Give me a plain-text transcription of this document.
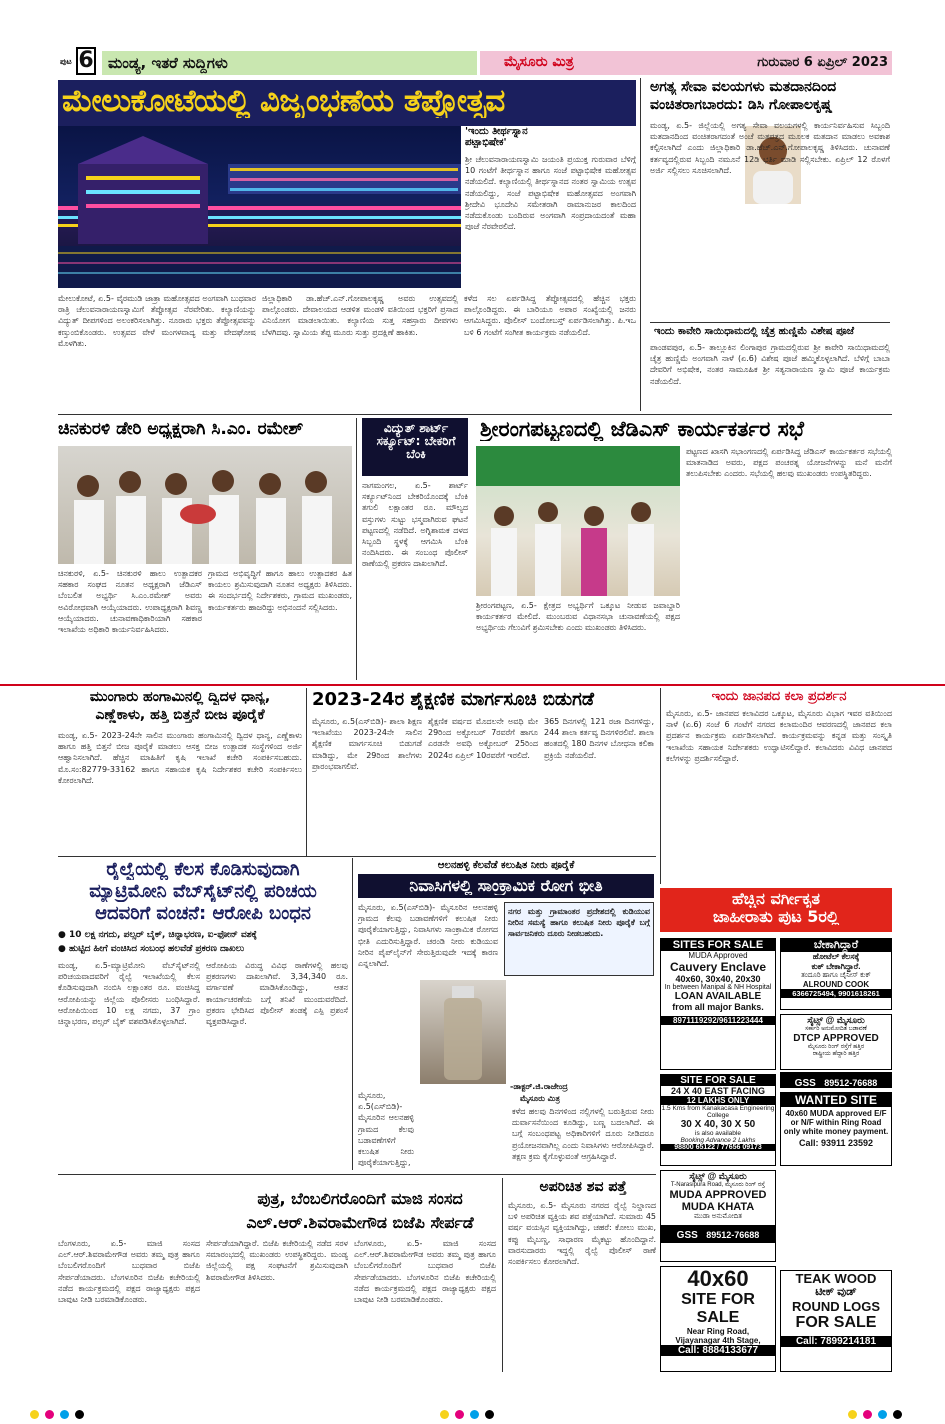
ಪುಟ 6 ಮಂಡ್ಯ, ಇತರೆ ಸುದ್ದಿಗಳು	ಮೈಸೂರು ಮಿತ್ರ	ಗುರುವಾರ 6 ಏಪ್ರಿಲ್ 2023
ಮೇಲುಕೋಟೆಯಲ್ಲಿ ವಿಜೃಂಭಣೆಯ ತೆಪ್ಪೋತ್ಸವ
'ಇಂದು ತೀರ್ಥಸ್ನಾನ ಪಟ್ಟಾಭಿಷೇಕ'
ಶ್ರೀ ಚೆಲುವನಾರಾಯಣಸ್ವಾಮಿ ಜಯಂತಿ ಪ್ರಯುಕ್ತ ಗುರುವಾರ ಬೆಳಿಗ್ಗೆ 10 ಗಂಟೆಗೆ ತೀರ್ಥಸ್ನಾನ ಹಾಗೂ ಸಂಜೆ ಪಟ್ಟಾಭಿಷೇಕ ಮಹೋತ್ಸವ ನಡೆಯಲಿದೆ. ಕಲ್ಯಾಣಿಯಲ್ಲಿ ತೀರ್ಥಸ್ನಾನದ ನಂತರ ಸ್ವಾಮಿಯ ಉತ್ಸವ ನಡೆಯಲಿದ್ದು, ಸಂಜೆ ಪಟ್ಟಾಭಿಷೇಕ ಮಹೋತ್ಸವದ ಅಂಗವಾಗಿ ಶ್ರೀದೇವಿ ಭೂದೇವಿ ಸಮೇತರಾಗಿ ರಾಮಾನುಜರ ಕಾಲದಿಂದ ನಡೆದುಕೊಂಡು ಬಂದಿರುವ ಅಂಗವಾಗಿ ಸಂಪ್ರದಾಯದಂತೆ ಮಹಾ ಪೂಜೆ ನೆರವೇರಲಿದೆ.
ಮೇಲುಕೋಟೆ, ಏ.5- ವೈರಮುಡಿ ಜಾತ್ರಾ ಮಹೋತ್ಸವದ ಅಂಗವಾಗಿ ಬುಧವಾರ ರಾತ್ರಿ ಚೆಲುವನಾರಾಯಣಸ್ವಾಮಿಗೆ ತೆಪ್ಪೋತ್ಸವ ನೆರವೇರಿತು. ಕಲ್ಯಾಣಿಯನ್ನು ವಿದ್ಯುತ್ ದೀಪಗಳಿಂದ ಅಲಂಕರಿಸಲಾಗಿತ್ತು. ನೂರಾರು ಭಕ್ತರು ತೆಪ್ಪೋತ್ಸವವನ್ನು ಕಣ್ತುಂಬಿಕೊಂಡರು. ಉತ್ಸವದ ವೇಳೆ ಮಂಗಳವಾದ್ಯ ಮತ್ತು ವೇದಘೋಷ ಮೊಳಗಿತು.
ಜಿಲ್ಲಾಧಿಕಾರಿ ಡಾ.ಹೆಚ್.ಎನ್.ಗೋಪಾಲಕೃಷ್ಣ ಅವರು ಉತ್ಸವದಲ್ಲಿ ಪಾಲ್ಗೊಂಡರು. ದೇವಾಲಯದ ಆಡಳಿತ ಮಂಡಳಿ ವತಿಯಿಂದ ಭಕ್ತರಿಗೆ ಪ್ರಸಾದ ವಿನಿಯೋಗ ಮಾಡಲಾಯಿತು. ಕಲ್ಯಾಣಿಯ ಸುತ್ತ ಸಹಸ್ರಾರು ದೀಪಗಳು ಬೆಳಗಿದವು. ಸ್ವಾಮಿಯ ತೆಪ್ಪ ಮೂರು ಸುತ್ತು ಪ್ರದಕ್ಷಿಣೆ ಹಾಕಿತು.
ಕಳೆದ ಸಲ ಏರ್ಪಡಿಸಿದ್ದ ತೆಪ್ಪೋತ್ಸವದಲ್ಲಿ ಹೆಚ್ಚಿನ ಭಕ್ತರು ಪಾಲ್ಗೊಂಡಿದ್ದರು. ಈ ಬಾರಿಯೂ ಅಪಾರ ಸಂಖ್ಯೆಯಲ್ಲಿ ಜನರು ಆಗಮಿಸಿದ್ದರು. ಪೊಲೀಸ್ ಬಂದೋಬಸ್ತ್ ಏರ್ಪಡಿಸಲಾಗಿತ್ತು. ಪಿ.ಇಒ ಬಳಿ 6 ಗಂಟೆಗೆ ಸಂಗೀತ ಕಾರ್ಯಕ್ರಮ ನಡೆಯಲಿದೆ.
ಅಗತ್ಯ ಸೇವಾ ವಲಯಗಳು ಮತದಾನದಿಂದ
ವಂಚಿತರಾಗಬಾರದು: ಡಿಸಿ ಗೋಪಾಲಕೃಷ್ಣ
ಮಂಡ್ಯ, ಏ.5- ಜಿಲ್ಲೆಯಲ್ಲಿ ಅಗತ್ಯ ಸೇವಾ ವಲಯಗಳಲ್ಲಿ ಕಾರ್ಯನಿರ್ವಹಿಸುವ ಸಿಬ್ಬಂದಿ ಮತದಾನದಿಂದ ವಂಚಿತರಾಗದಂತೆ ಅಂಚೆ ಮತಪತ್ರದ ಮೂಲಕ ಮತದಾನ ಮಾಡಲು ಅವಕಾಶ ಕಲ್ಪಿಸಲಾಗಿದೆ ಎಂದು ಜಿಲ್ಲಾಧಿಕಾರಿ ಡಾ.ಹೆಚ್.ಎನ್.ಗೋಪಾಲಕೃಷ್ಣ ತಿಳಿಸಿದರು. ಚುನಾವಣೆ ಕರ್ತವ್ಯದಲ್ಲಿರುವ ಸಿಬ್ಬಂದಿ ನಮೂನೆ 12ಡಿ ಭರ್ತಿ ಮಾಡಿ ಸಲ್ಲಿಸಬೇಕು. ಏಪ್ರಿಲ್ 12 ರೊಳಗೆ ಅರ್ಜಿ ಸಲ್ಲಿಸಲು ಸೂಚಿಸಲಾಗಿದೆ.
ಇಂದು ಕಾವೇರಿ ಸಾಯಿಧಾಮದಲ್ಲಿ ಚೈತ್ರ ಹುಣ್ಣಿಮೆ ವಿಶೇಷ ಪೂಜೆ
ಪಾಂಡವಪುರ, ಏ.5- ತಾಲ್ಲೂಕಿನ ಲಿಂಗಾಪುರ ಗ್ರಾಮದಲ್ಲಿರುವ ಶ್ರೀ ಕಾವೇರಿ ಸಾಯಿಧಾಮದಲ್ಲಿ ಚೈತ್ರ ಹುಣ್ಣಿಮೆ ಅಂಗವಾಗಿ ನಾಳೆ (ಏ.6) ವಿಶೇಷ ಪೂಜೆ ಹಮ್ಮಿಕೊಳ್ಳಲಾಗಿದೆ. ಬೆಳಿಗ್ಗೆ ಬಾಬಾ ದೇವರಿಗೆ ಅಭಿಷೇಕ, ನಂತರ ಸಾಮೂಹಿಕ ಶ್ರೀ ಸತ್ಯನಾರಾಯಣ ಸ್ವಾಮಿ ಪೂಜೆ ಕಾರ್ಯಕ್ರಮ ನಡೆಯಲಿದೆ.
ಚಿನಕುರಳಿ ಡೇರಿ ಅಧ್ಯಕ್ಷರಾಗಿ ಸಿ.ಎಂ. ರಮೇಶ್
ಚಿನಕುರಳಿ, ಏ.5- ಚಿನಕುರಳಿ ಹಾಲು ಉತ್ಪಾದಕರ ಸಹಕಾರ ಸಂಘದ ನೂತನ ಅಧ್ಯಕ್ಷರಾಗಿ ಜೆಡಿಎಸ್ ಬೆಂಬಲಿತ ಅಭ್ಯರ್ಥಿ ಸಿ.ಎಂ.ರಮೇಶ್ ಅವರು ಅವಿರೋಧವಾಗಿ ಆಯ್ಕೆಯಾದರು. ಉಪಾಧ್ಯಕ್ಷರಾಗಿ ಶಿವಣ್ಣ ಆಯ್ಕೆಯಾದರು. ಚುನಾವಣಾಧಿಕಾರಿಯಾಗಿ ಸಹಕಾರ ಇಲಾಖೆಯ ಅಧಿಕಾರಿ ಕಾರ್ಯನಿರ್ವಹಿಸಿದರು.
ಗ್ರಾಮದ ಅಭಿವೃದ್ಧಿಗೆ ಹಾಗೂ ಹಾಲು ಉತ್ಪಾದಕರ ಹಿತ ಕಾಯಲು ಶ್ರಮಿಸುವುದಾಗಿ ನೂತನ ಅಧ್ಯಕ್ಷರು ತಿಳಿಸಿದರು. ಈ ಸಂದರ್ಭದಲ್ಲಿ ನಿರ್ದೇಶಕರು, ಗ್ರಾಮದ ಮುಖಂಡರು, ಕಾರ್ಯಕರ್ತರು ಹಾಜರಿದ್ದು ಅಭಿನಂದನೆ ಸಲ್ಲಿಸಿದರು.
ವಿದ್ಯುತ್ ಶಾರ್ಟ್ ಸರ್ಕ್ಯೂಟ್: ಬೇಕರಿಗೆ ಬೆಂಕಿ
ನಾಗಮಂಗಲ, ಏ.5- ಶಾರ್ಟ್ ಸರ್ಕ್ಯೂಟ್‌ನಿಂದ ಬೇಕರಿಯೊಂದಕ್ಕೆ ಬೆಂಕಿ ತಗುಲಿ ಲಕ್ಷಾಂತರ ರೂ. ಮೌಲ್ಯದ ವಸ್ತುಗಳು ಸುಟ್ಟು ಭಸ್ಮವಾಗಿರುವ ಘಟನೆ ಪಟ್ಟಣದಲ್ಲಿ ನಡೆದಿದೆ. ಅಗ್ನಿಶಾಮಕ ದಳದ ಸಿಬ್ಬಂದಿ ಸ್ಥಳಕ್ಕೆ ಆಗಮಿಸಿ ಬೆಂಕಿ ನಂದಿಸಿದರು. ಈ ಸಂಬಂಧ ಪೊಲೀಸ್ ಠಾಣೆಯಲ್ಲಿ ಪ್ರಕರಣ ದಾಖಲಾಗಿದೆ.
ಶ್ರೀರಂಗಪಟ್ಟಣದಲ್ಲಿ ಜೆಡಿಎಸ್ ಕಾರ್ಯಕರ್ತರ ಸಭೆ
ಶ್ರೀರಂಗಪಟ್ಟಣ, ಏ.5- ಕ್ಷೇತ್ರದ ಅಭ್ಯರ್ಥಿಗೆ ಒಕ್ಕೂಟ ನೀಡುವ ಜವಾಬ್ದಾರಿ ಕಾರ್ಯಕರ್ತರ ಮೇಲಿದೆ. ಮುಂಬರುವ ವಿಧಾನಸಭಾ ಚುನಾವಣೆಯಲ್ಲಿ ಪಕ್ಷದ ಅಭ್ಯರ್ಥಿಯ ಗೆಲುವಿಗೆ ಶ್ರಮಿಸಬೇಕು ಎಂದು ಮುಖಂಡರು ತಿಳಿಸಿದರು.
ಪಟ್ಟಣದ ಖಾಸಗಿ ಸಭಾಂಗಣದಲ್ಲಿ ಏರ್ಪಡಿಸಿದ್ದ ಜೆಡಿಎಸ್ ಕಾರ್ಯಕರ್ತರ ಸಭೆಯಲ್ಲಿ ಮಾತನಾಡಿದ ಅವರು, ಪಕ್ಷದ ಪಂಚರತ್ನ ಯೋಜನೆಗಳನ್ನು ಮನೆ ಮನೆಗೆ ತಲುಪಿಸಬೇಕು ಎಂದರು. ಸಭೆಯಲ್ಲಿ ಹಲವು ಮುಖಂಡರು ಉಪಸ್ಥಿತರಿದ್ದರು.
ಮುಂಗಾರು ಹಂಗಾಮಿನಲ್ಲಿ ದ್ವಿದಳ ಧಾನ್ಯ,
ಎಣ್ಣೆಕಾಳು, ಹತ್ತಿ ಬಿತ್ತನೆ ಬೀಜ ಪೂರೈಕೆ
ಮಂಡ್ಯ, ಏ.5- 2023-24ನೇ ಸಾಲಿನ ಮುಂಗಾರು ಹಂಗಾಮಿನಲ್ಲಿ ದ್ವಿದಳ ಧಾನ್ಯ, ಎಣ್ಣೆಕಾಳು ಹಾಗೂ ಹತ್ತಿ ಬಿತ್ತನೆ ಬೀಜ ಪೂರೈಕೆ ಮಾಡಲು ಆಸಕ್ತ ಬೀಜ ಉತ್ಪಾದಕ ಸಂಸ್ಥೆಗಳಿಂದ ಅರ್ಜಿ ಆಹ್ವಾನಿಸಲಾಗಿದೆ. ಹೆಚ್ಚಿನ ಮಾಹಿತಿಗೆ ಕೃಷಿ ಇಲಾಖೆ ಕಚೇರಿ ಸಂಪರ್ಕಿಸಬಹುದು. ಮೊ.ಸಂ:82779-33162 ಹಾಗೂ ಸಹಾಯಕ ಕೃಷಿ ನಿರ್ದೇಶಕರ ಕಚೇರಿ ಸಂಪರ್ಕಿಸಲು ಕೋರಲಾಗಿದೆ.
2023-24ರ ಶೈಕ್ಷಣಿಕ ಮಾರ್ಗಸೂಚಿ ಬಿಡುಗಡೆ
ಮೈಸೂರು, ಏ.5(ಎಸ್‌ಬಿಡಿ)- ಶಾಲಾ ಶಿಕ್ಷಣ ಇಲಾಖೆಯು 2023-24ನೇ ಸಾಲಿನ ಶೈಕ್ಷಣಿಕ ಮಾರ್ಗಸೂಚಿ ಬಿಡುಗಡೆ ಮಾಡಿದ್ದು, ಮೇ 29ರಿಂದ ಶಾಲೆಗಳು ಪ್ರಾರಂಭವಾಗಲಿವೆ.
ಶೈಕ್ಷಣಿಕ ವರ್ಷದ ಮೊದಲನೇ ಅವಧಿ ಮೇ 29ರಿಂದ ಅಕ್ಟೋಬರ್ 7ರವರೆಗೆ ಹಾಗೂ ಎರಡನೇ ಅವಧಿ ಅಕ್ಟೋಬರ್ 25ರಿಂದ 2024ರ ಏಪ್ರಿಲ್ 10ರವರೆಗೆ ಇರಲಿದೆ.
365 ದಿನಗಳಲ್ಲಿ 121 ರಜಾ ದಿನಗಳಿದ್ದು, 244 ಶಾಲಾ ಕರ್ತವ್ಯ ದಿನಗಳಿರಲಿವೆ. ಶಾಲಾ ಹಂತದಲ್ಲಿ 180 ದಿನಗಳ ಬೋಧನಾ ಕಲಿಕಾ ಪ್ರಕ್ರಿಯೆ ನಡೆಯಲಿದೆ.
ಇಂದು ಜಾನಪದ ಕಲಾ ಪ್ರದರ್ಶನ
ಮೈಸೂರು, ಏ.5- ಜಾನಪದ ಕಲಾವಿದರ ಒಕ್ಕೂಟ, ಮೈಸೂರು ವಿಭಾಗ ಇವರ ವತಿಯಿಂದ ನಾಳೆ (ಏ.6) ಸಂಜೆ 6 ಗಂಟೆಗೆ ನಗರದ ಕಲಾಮಂದಿರ ಆವರಣದಲ್ಲಿ ಜಾನಪದ ಕಲಾ ಪ್ರದರ್ಶನ ಕಾರ್ಯಕ್ರಮ ಏರ್ಪಡಿಸಲಾಗಿದೆ. ಕಾರ್ಯಕ್ರಮವನ್ನು ಕನ್ನಡ ಮತ್ತು ಸಂಸ್ಕೃತಿ ಇಲಾಖೆಯ ಸಹಾಯಕ ನಿರ್ದೇಶಕರು ಉದ್ಘಾಟಿಸಲಿದ್ದಾರೆ. ಕಲಾವಿದರು ವಿವಿಧ ಜಾನಪದ ಕಲೆಗಳನ್ನು ಪ್ರದರ್ಶಿಸಲಿದ್ದಾರೆ.
ರೈಲ್ವೆಯಲ್ಲಿ ಕೆಲಸ ಕೊಡಿಸುವುದಾಗಿ
ಮ್ಯಾಟ್ರಿಮೋನಿ ವೆಬ್‌ಸೈಟ್‌ನಲ್ಲಿ ಪರಿಚಯ
ಆದವರಿಗೆ ವಂಚನೆ: ಆರೋಪಿ ಬಂಧನ
● 10 ಲಕ್ಷ ನಗದು, ಪಲ್ಸರ್ ಬೈಕ್, ಚಿನ್ನಾಭರಣ, ಐ-ಫೋನ್ ವಶಕ್ಕೆ
● ಹುಟ್ಟಿದ ಹೀಗೆ ವಂಚಿಸಿದ ಸಂಬಂಧ ಹಲವೆಡೆ ಪ್ರಕರಣ ದಾಖಲು
ಮಂಡ್ಯ, ಏ.5-ಮ್ಯಾಟ್ರಿಮೋನಿ ವೆಬ್‌ಸೈಟ್‌ನಲ್ಲಿ ಪರಿಚಯವಾದವರಿಗೆ ರೈಲ್ವೆ ಇಲಾಖೆಯಲ್ಲಿ ಕೆಲಸ ಕೊಡಿಸುವುದಾಗಿ ನಂಬಿಸಿ ಲಕ್ಷಾಂತರ ರೂ. ವಂಚಿಸಿದ್ದ ಆರೋಪಿಯನ್ನು ಜಿಲ್ಲೆಯ ಪೊಲೀಸರು ಬಂಧಿಸಿದ್ದಾರೆ. ಆರೋಪಿಯಿಂದ 10 ಲಕ್ಷ ನಗದು, 37 ಗ್ರಾಂ ಚಿನ್ನಾಭರಣ, ಪಲ್ಸರ್ ಬೈಕ್ ವಶಪಡಿಸಿಕೊಳ್ಳಲಾಗಿದೆ.
ಆರೋಪಿಯ ವಿರುದ್ಧ ವಿವಿಧ ಠಾಣೆಗಳಲ್ಲಿ ಹಲವು ಪ್ರಕರಣಗಳು ದಾಖಲಾಗಿವೆ. 3,34,340 ರೂ. ವರ್ಗಾವಣೆ ಮಾಡಿಸಿಕೊಂಡಿದ್ದು, ಆತನ ಕಾರ್ಯಾಚರಣೆಯ ಬಗ್ಗೆ ತನಿಖೆ ಮುಂದುವರೆದಿದೆ. ಪ್ರಕರಣ ಭೇದಿಸಿದ ಪೊಲೀಸ್ ತಂಡಕ್ಕೆ ಎಸ್ಪಿ ಪ್ರಶಂಸೆ ವ್ಯಕ್ತಪಡಿಸಿದ್ದಾರೆ.
ಆಲನಹಳ್ಳಿ ಕೆಲವೆಡೆ ಕಲುಷಿತ ನೀರು ಪೂರೈಕೆ
ನಿವಾಸಿಗಳಲ್ಲಿ ಸಾಂಕ್ರಾಮಿಕ ರೋಗ ಭೀತಿ
ಮೈಸೂರು, ಏ.5(ಎಸ್‌ಬಿಡಿ)- ಮೈಸೂರಿನ ಆಲನಹಳ್ಳಿ ಗ್ರಾಮದ ಕೆಲವು ಬಡಾವಣೆಗಳಿಗೆ ಕಲುಷಿತ ನೀರು ಪೂರೈಕೆಯಾಗುತ್ತಿದ್ದು, ನಿವಾಸಿಗಳು ಸಾಂಕ್ರಾಮಿಕ ರೋಗದ ಭೀತಿ ಎದುರಿಸುತ್ತಿದ್ದಾರೆ. ಚರಂಡಿ ನೀರು ಕುಡಿಯುವ ನೀರಿನ ಪೈಪ್‌ಲೈನ್‌ಗೆ ಸೇರುತ್ತಿರುವುದೇ ಇದಕ್ಕೆ ಕಾರಣ ಎನ್ನಲಾಗಿದೆ.
ನಗರ ಮತ್ತು ಗ್ರಾಮಾಂತರ ಪ್ರದೇಶದಲ್ಲಿ ಕುಡಿಯುವ ನೀರಿನ ಸಮಸ್ಯೆ ಹಾಗೂ ಕಲುಷಿತ ನೀರು ಪೂರೈಕೆ ಬಗ್ಗೆ ಸಾರ್ವಜನಿಕರು ದೂರು ನೀಡಬಹುದು.
-ಡಾಕ್ಟರ್.ಜಿ.ರಾಜೇಂದ್ರ
ಮೈಸೂರು ಮಿತ್ರ
ಕಳೆದ ಹಲವು ದಿನಗಳಿಂದ ನಲ್ಲಿಗಳಲ್ಲಿ ಬರುತ್ತಿರುವ ನೀರು ದುರ್ವಾಸನೆಯಿಂದ ಕೂಡಿದ್ದು, ಬಣ್ಣ ಬದಲಾಗಿದೆ. ಈ ಬಗ್ಗೆ ಸಂಬಂಧಪಟ್ಟ ಅಧಿಕಾರಿಗಳಿಗೆ ದೂರು ನೀಡಿದರೂ ಪ್ರಯೋಜನವಾಗಿಲ್ಲ ಎಂದು ನಿವಾಸಿಗಳು ಆರೋಪಿಸಿದ್ದಾರೆ. ತಕ್ಷಣ ಕ್ರಮ ಕೈಗೊಳ್ಳುವಂತೆ ಆಗ್ರಹಿಸಿದ್ದಾರೆ.
ಮೈಸೂರು, ಏ.5(ಎಸ್‌ಬಿಡಿ)- ಮೈಸೂರಿನ ಆಲನಹಳ್ಳಿ ಗ್ರಾಮದ ಕೆಲವು ಬಡಾವಣೆಗಳಿಗೆ ಕಲುಷಿತ ನೀರು ಪೂರೈಕೆಯಾಗುತ್ತಿದ್ದು,
ಪುತ್ರ, ಬೆಂಬಲಿಗರೊಂದಿಗೆ ಮಾಜಿ ಸಂಸದ
ಎಲ್.ಆರ್.ಶಿವರಾಮೇಗೌಡ ಬಿಜೆಪಿ ಸೇರ್ಪಡೆ
ಬೆಂಗಳೂರು, ಏ.5- ಮಾಜಿ ಸಂಸದ ಎಲ್.ಆರ್.ಶಿವರಾಮೇಗೌಡ ಅವರು ತಮ್ಮ ಪುತ್ರ ಹಾಗೂ ಬೆಂಬಲಿಗರೊಂದಿಗೆ ಬುಧವಾರ ಬಿಜೆಪಿ ಸೇರ್ಪಡೆಯಾದರು. ಬೆಂಗಳೂರಿನ ಬಿಜೆಪಿ ಕಚೇರಿಯಲ್ಲಿ ನಡೆದ ಕಾರ್ಯಕ್ರಮದಲ್ಲಿ ಪಕ್ಷದ ರಾಜ್ಯಾಧ್ಯಕ್ಷರು ಪಕ್ಷದ ಬಾವುಟ ನೀಡಿ ಬರಮಾಡಿಕೊಂಡರು.
ಸೇರ್ಪಡೆಯಾಗಿದ್ದಾರೆ. ಬಿಜೆಪಿ ಕಚೇರಿಯಲ್ಲಿ ನಡೆದ ಸರಳ ಸಮಾರಂಭದಲ್ಲಿ ಮುಖಂಡರು ಉಪಸ್ಥಿತರಿದ್ದರು. ಮಂಡ್ಯ ಜಿಲ್ಲೆಯಲ್ಲಿ ಪಕ್ಷ ಸಂಘಟನೆಗೆ ಶ್ರಮಿಸುವುದಾಗಿ ಶಿವರಾಮೇಗೌಡ ತಿಳಿಸಿದರು.
ಬೆಂಗಳೂರು, ಏ.5- ಮಾಜಿ ಸಂಸದ ಎಲ್.ಆರ್.ಶಿವರಾಮೇಗೌಡ ಅವರು ತಮ್ಮ ಪುತ್ರ ಹಾಗೂ ಬೆಂಬಲಿಗರೊಂದಿಗೆ ಬುಧವಾರ ಬಿಜೆಪಿ ಸೇರ್ಪಡೆಯಾದರು. ಬೆಂಗಳೂರಿನ ಬಿಜೆಪಿ ಕಚೇರಿಯಲ್ಲಿ ನಡೆದ ಕಾರ್ಯಕ್ರಮದಲ್ಲಿ ಪಕ್ಷದ ರಾಜ್ಯಾಧ್ಯಕ್ಷರು ಪಕ್ಷದ ಬಾವುಟ ನೀಡಿ ಬರಮಾಡಿಕೊಂಡರು.
ಅಪರಿಚಿತ ಶವ ಪತ್ತೆ
ಮೈಸೂರು, ಏ.5- ಮೈಸೂರು ನಗರದ ರೈಲ್ವೆ ನಿಲ್ದಾಣದ ಬಳಿ ಅಪರಿಚಿತ ವ್ಯಕ್ತಿಯ ಶವ ಪತ್ತೆಯಾಗಿದೆ. ಸುಮಾರು 45 ವರ್ಷ ವಯಸ್ಸಿನ ವ್ಯಕ್ತಿಯಾಗಿದ್ದು, ಚಹರೆ: ಕೋಲು ಮುಖ, ಕಪ್ಪು ಮೈಬಣ್ಣ, ಸಾಧಾರಣ ಮೈಕಟ್ಟು ಹೊಂದಿದ್ದಾನೆ. ವಾರಸುದಾರರು ಇದ್ದಲ್ಲಿ ರೈಲ್ವೆ ಪೊಲೀಸ್ ಠಾಣೆ ಸಂಪರ್ಕಿಸಲು ಕೋರಲಾಗಿದೆ.
ಹೆಚ್ಚಿನ ವರ್ಗೀಕೃತ
ಜಾಹೀರಾತು ಪುಟ 5ರಲ್ಲಿ
SITES FOR SALE
MUDA Approved
Cauvery Enclave
40x60, 30x40, 20x30
In between Manipal & NH Hospital
LOAN AVAILABLE
from all major Banks.
8971119292/9611223444
ಬೇಕಾಗಿದ್ದಾರೆ
ಹೋಟೆಲ್ ಕೆಲಸಕ್ಕೆ
ಕುಕ್ ಬೇಕಾಗಿದ್ದಾರೆ.
ತಂದೂರಿ ಹಾಗೂ ಚೈನೀಸ್ ಕುಕ್
ALROUND COOK
6366725494, 9901618261
ಸೈಟ್ಸ್ @ ಮೈಸೂರು
ಸರ್ಕಾರಿ ಅನುಮೋದಿತ ಬಡಾವಣೆ
DTCP APPROVED
ಮೈಸೂರು ರಿಂಗ್ ರಸ್ತೆಗೆ ಹತ್ತಿರ
ರಾಷ್ಟ್ರೀಯ ಹೆದ್ದಾರಿ ಹತ್ತಿರ
GSS 89512-76688
SITE FOR SALE
24 X 40 EAST FACING
12 LAKHS ONLY
1.5 Kms from Kanakacasa Engineering College
30 X 40, 30 X 50
is also available
Booking Advance 2 Lakhs
98800 65122 / 77656 09173
WANTED SITE
40x60 MUDA approved E/F or N/F within Ring Road only white money payment.
Call: 93911 23592
ಸೈಟ್ಸ್ @ ಮೈಸೂರು
T-Narasipura Road, ಮೈಸೂರು ರಿಂಗ್ ರಸ್ತೆ
MUDA APPROVED
MUDA KHATA
ಮುಡಾ ಅನುಮೋದಿತ
GSS 89512-76688
TEAK WOOD
ಟೀಕ್ ವುಡ್
ROUND LOGS
FOR SALE
Call: 7899214181
40x60
SITE FOR
SALE
Near Ring Road,
Vijayanagar 4th Stage,
Call: 8884133677
